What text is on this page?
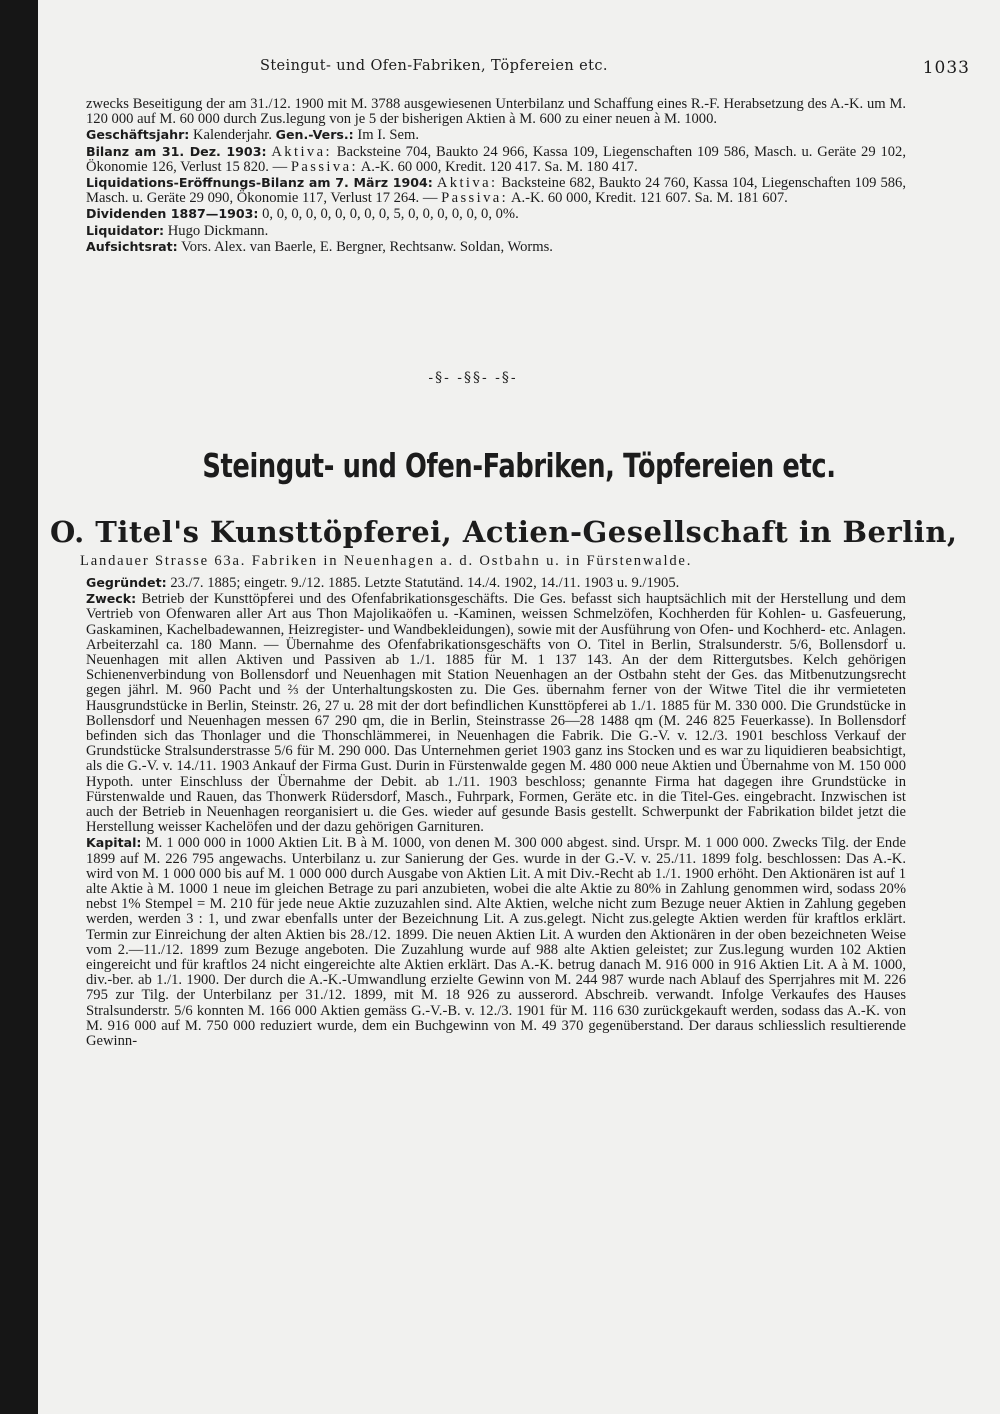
Steingut- und Ofen-Fabriken, Töpfereien etc.	1033

zwecks Beseitigung der am 31./12. 1900 mit M. 3788 ausgewiesenen Unterbilanz und Schaffung eines R.-F. Herabsetzung des A.-K. um M. 120 000 auf M. 60 000 durch Zus.legung von je 5 der bisherigen Aktien à M. 600 zu einer neuen à M. 1000.

Geschäftsjahr: Kalenderjahr. Gen.-Vers.: Im I. Sem.

Bilanz am 31. Dez. 1903: Aktiva: Backsteine 704, Baukto 24 966, Kassa 109, Liegenschaften 109 586, Masch. u. Geräte 29 102, Ökonomie 126, Verlust 15 820. — Passiva: A.-K. 60 000, Kredit. 120 417. Sa. M. 180 417.

Liquidations-Eröffnungs-Bilanz am 7. März 1904: Aktiva: Backsteine 682, Baukto 24 760, Kassa 104, Liegenschaften 109 586, Masch. u. Geräte 29 090, Ökonomie 117, Verlust 17 264. — Passiva: A.-K. 60 000, Kredit. 121 607. Sa. M. 181 607.

Dividenden 1887—1903: 0, 0, 0, 0, 0, 0, 0, 0, 0, 5, 0, 0, 0, 0, 0, 0, 0%.

Liquidator: Hugo Dickmann.

Aufsichtsrat: Vors. Alex. van Baerle, E. Bergner, Rechtsanw. Soldan, Worms.

-§- -§§- -§-
Steingut- und Ofen-Fabriken, Töpfereien etc.
O. Titel's Kunsttöpferei, Actien-Gesellschaft in Berlin,
Landauer Strasse 63a. Fabriken in Neuenhagen a. d. Ostbahn u. in Fürstenwalde.

Gegründet: 23./7. 1885; eingetr. 9./12. 1885. Letzte Statutänd. 14./4. 1902, 14./11. 1903 u. 9./1905.

Zweck: Betrieb der Kunsttöpferei und des Ofenfabrikationsgeschäfts. Die Ges. befasst sich hauptsächlich mit der Herstellung und dem Vertrieb von Ofenwaren aller Art aus Thon Majolikaöfen u. -Kaminen, weissen Schmelzöfen, Kochherden für Kohlen- u. Gasfeuerung, Gaskaminen, Kachelbadewannen, Heizregister- und Wandbekleidungen), sowie mit der Ausführung von Ofen- und Kochherd- etc. Anlagen. Arbeiterzahl ca. 180 Mann. — Übernahme des Ofenfabrikationsgeschäfts von O. Titel in Berlin, Stralsunderstr. 5/6, Bollensdorf u. Neuenhagen mit allen Aktiven und Passiven ab 1./1. 1885 für M. 1 137 143. An der dem Rittergutsbes. Kelch gehörigen Schienenverbindung von Bollensdorf und Neuenhagen mit Station Neuenhagen an der Ostbahn steht der Ges. das Mitbenutzungsrecht gegen jährl. M. 960 Pacht und ⅔ der Unterhaltungskosten zu. Die Ges. übernahm ferner von der Witwe Titel die ihr vermieteten Hausgrundstücke in Berlin, Steinstr. 26, 27 u. 28 mit der dort befindlichen Kunsttöpferei ab 1./1. 1885 für M. 330 000. Die Grundstücke in Bollensdorf und Neuenhagen messen 67 290 qm, die in Berlin, Steinstrasse 26—28 1488 qm (M. 246 825 Feuerkasse). In Bollensdorf befinden sich das Thonlager und die Thonschlämmerei, in Neuenhagen die Fabrik. Die G.-V. v. 12./3. 1901 beschloss Verkauf der Grundstücke Stralsunderstrasse 5/6 für M. 290 000. Das Unternehmen geriet 1903 ganz ins Stocken und es war zu liquidieren beabsichtigt, als die G.-V. v. 14./11. 1903 Ankauf der Firma Gust. Durin in Fürstenwalde gegen M. 480 000 neue Aktien und Übernahme von M. 150 000 Hypoth. unter Einschluss der Übernahme der Debit. ab 1./11. 1903 beschloss; genannte Firma hat dagegen ihre Grundstücke in Fürstenwalde und Rauen, das Thonwerk Rüdersdorf, Masch., Fuhrpark, Formen, Geräte etc. in die Titel-Ges. eingebracht. Inzwischen ist auch der Betrieb in Neuenhagen reorganisiert u. die Ges. wieder auf gesunde Basis gestellt. Schwerpunkt der Fabrikation bildet jetzt die Herstellung weisser Kachelöfen und der dazu gehörigen Garnituren.

Kapital: M. 1 000 000 in 1000 Aktien Lit. B à M. 1000, von denen M. 300 000 abgest. sind. Urspr. M. 1 000 000. Zwecks Tilg. der Ende 1899 auf M. 226 795 angewachs. Unterbilanz u. zur Sanierung der Ges. wurde in der G.-V. v. 25./11. 1899 folg. beschlossen: Das A.-K. wird von M. 1 000 000 bis auf M. 1 000 000 durch Ausgabe von Aktien Lit. A mit Div.-Recht ab 1./1. 1900 erhöht. Den Aktionären ist auf 1 alte Aktie à M. 1000 1 neue im gleichen Betrage zu pari anzubieten, wobei die alte Aktie zu 80% in Zahlung genommen wird, sodass 20% nebst 1% Stempel = M. 210 für jede neue Aktie zuzuzahlen sind. Alte Aktien, welche nicht zum Bezuge neuer Aktien in Zahlung gegeben werden, werden 3 : 1, und zwar ebenfalls unter der Bezeichnung Lit. A zus.gelegt. Nicht zus.gelegte Aktien werden für kraftlos erklärt. Termin zur Einreichung der alten Aktien bis 28./12. 1899. Die neuen Aktien Lit. A wurden den Aktionären in der oben bezeichneten Weise vom 2.—11./12. 1899 zum Bezuge angeboten. Die Zuzahlung wurde auf 988 alte Aktien geleistet; zur Zus.legung wurden 102 Aktien eingereicht und für kraftlos 24 nicht eingereichte alte Aktien erklärt. Das A.-K. betrug danach M. 916 000 in 916 Aktien Lit. A à M. 1000, div.-ber. ab 1./1. 1900. Der durch die A.-K.-Umwandlung erzielte Gewinn von M. 244 987 wurde nach Ablauf des Sperrjahres mit M. 226 795 zur Tilg. der Unterbilanz per 31./12. 1899, mit M. 18 926 zu ausserord. Abschreib. verwandt. Infolge Verkaufes des Hauses Stralsunderstr. 5/6 konnten M. 166 000 Aktien gemäss G.-V.-B. v. 12./3. 1901 für M. 116 630 zurückgekauft werden, sodass das A.-K. von M. 916 000 auf M. 750 000 reduziert wurde, dem ein Buchgewinn von M. 49 370 gegenüberstand. Der daraus schliesslich resultierende Gewinn-
